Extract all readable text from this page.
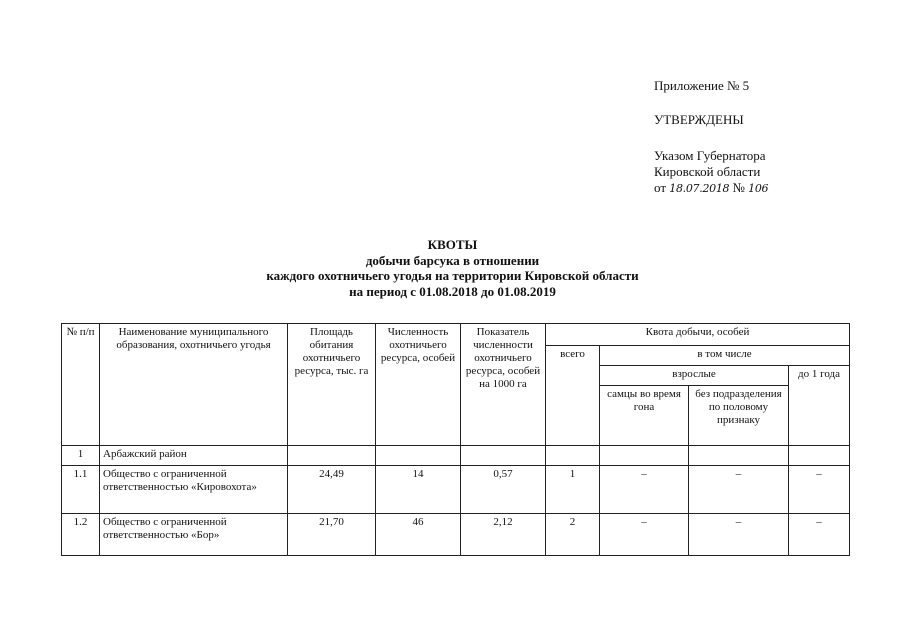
Приложение № 5
УТВЕРЖДЕНЫ
Указом Губернатора
Кировской области
от 18.07.2018 № 106
КВОТЫ
добычи барсука в отношении
каждого охотничьего угодья на территории Кировской области
на период с 01.08.2018 до 01.08.2019
№ п/п	Наименование муниципального образования, охотничьего угодья	Площадь обитания охотничьего ресурса, тыс. га	Численность охотничьего ресурса, особей	Показатель численности охотничьего ресурса, особей на 1000 га	Квота добычи, особей			
					всего	в том числе		
						взрослые		до 1 года
						самцы во время гона	без подразделения по половому признаку	
1	Арбажский район							
1.1	Общество с ограниченной ответственностью «Кировохота»	24,49	14	0,57	1	–	–	–
1.2	Общество с ограниченной ответственностью «Бор»	21,70	46	2,12	2	–	–	–
